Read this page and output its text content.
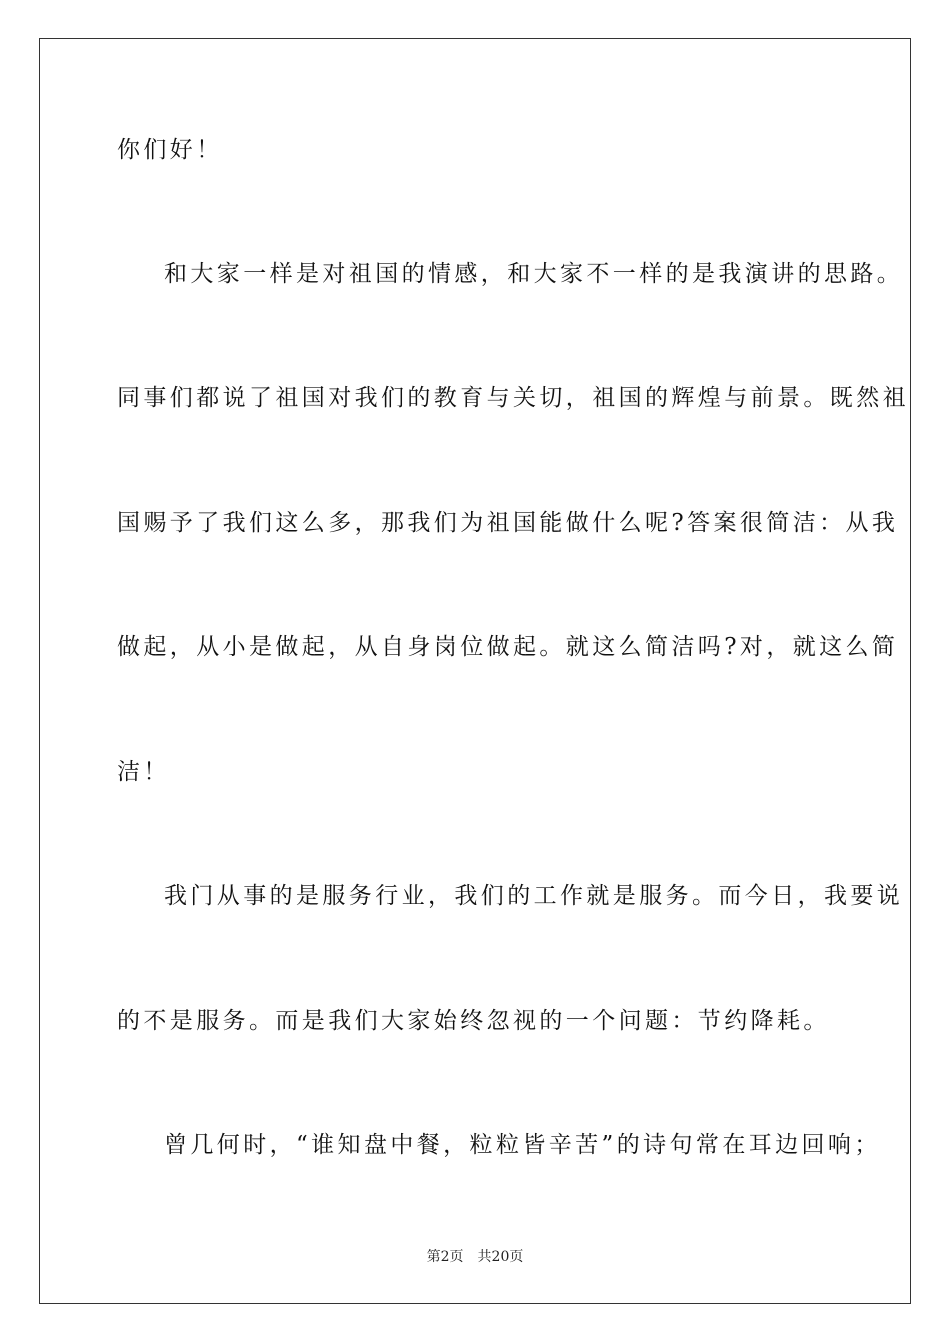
你们好！
和大家一样是对祖国的情感，和大家不一样的是我演讲的思路。
同事们都说了祖国对我们的教育与关切，祖国的辉煌与前景。既然祖
国赐予了我们这么多，那我们为祖国能做什么呢?答案很简洁：从我
做起，从小是做起，从自身岗位做起。就这么简洁吗?对，就这么简
洁！
我门从事的是服务行业，我们的工作就是服务。而今日，我要说
的不是服务。而是我们大家始终忽视的一个问题：节约降耗。
曾几何时，“谁知盘中餐，粒粒皆辛苦”的诗句常在耳边回响；
第2页 共20页
